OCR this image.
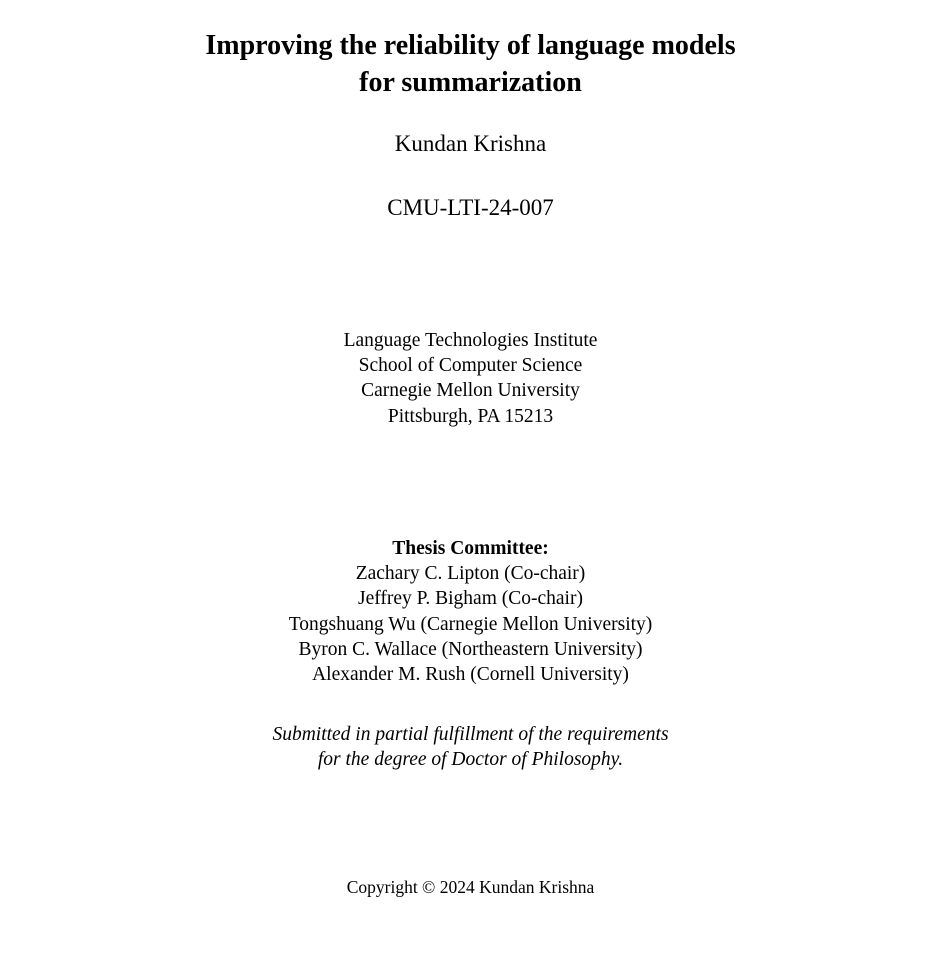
Improving the reliability of language models
for summarization

Kundan Krishna

CMU-LTI-24-007

Language Technologies Institute
School of Computer Science
Carnegie Mellon University
Pittsburgh, PA 15213
Thesis Committee:
Zachary C. Lipton (Co-chair)
Jeffrey P. Bigham (Co-chair)
Tongshuang Wu (Carnegie Mellon University)
Byron C. Wallace (Northeastern University)
Alexander M. Rush (Cornell University)
Submitted in partial fulfillment of the requirements
for the degree of Doctor of Philosophy.

Copyright © 2024 Kundan Krishna
